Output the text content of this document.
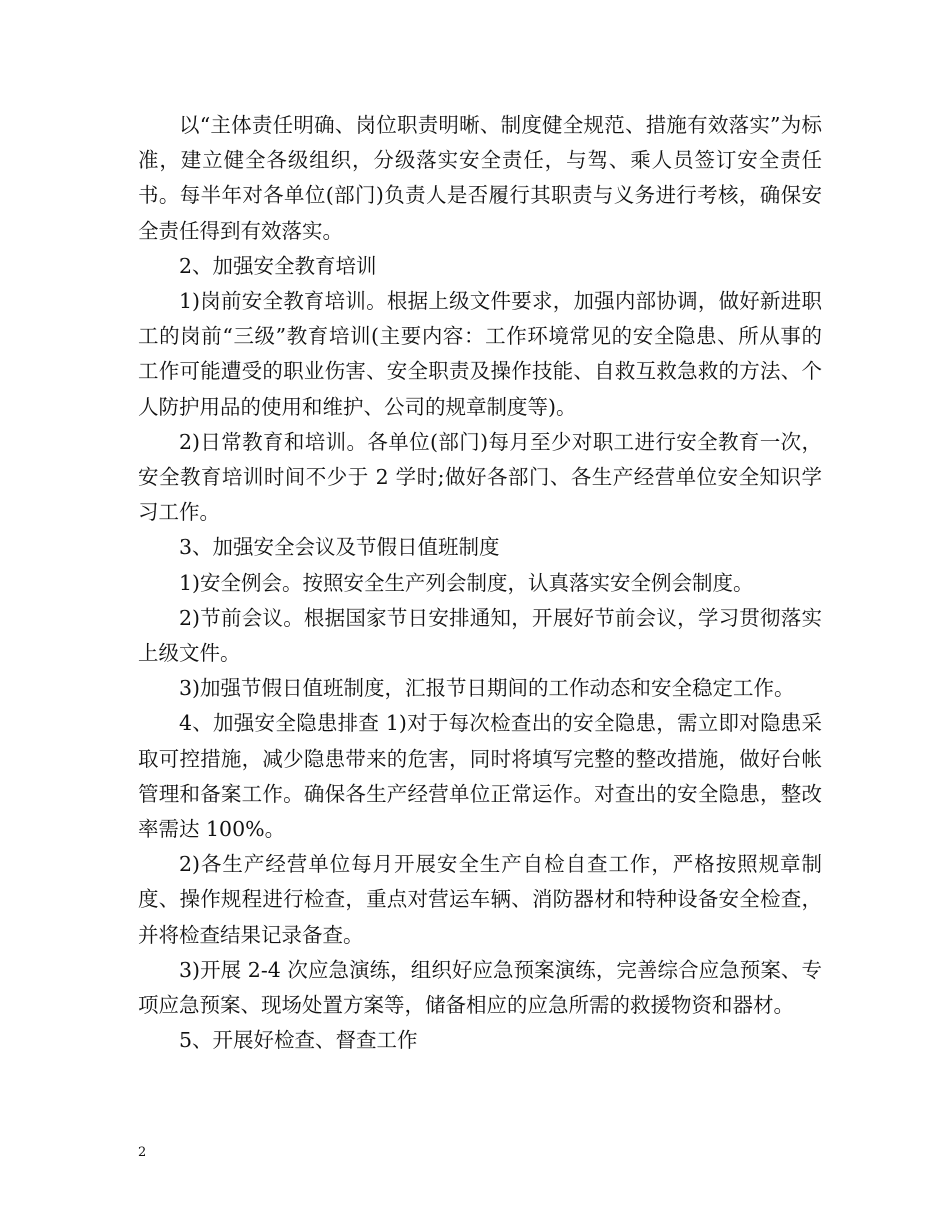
以“主体责任明确、岗位职责明晰、制度健全规范、措施有效落实”为标准，建立健全各级组织，分级落实安全责任，与驾、乘人员签订安全责任书。每半年对各单位(部门)负责人是否履行其职责与义务进行考核，确保安全责任得到有效落实。

2、加强安全教育培训

1)岗前安全教育培训。根据上级文件要求，加强内部协调，做好新进职工的岗前“三级”教育培训(主要内容：工作环境常见的安全隐患、所从事的工作可能遭受的职业伤害、安全职责及操作技能、自救互救急救的方法、个人防护用品的使用和维护、公司的规章制度等)。

2)日常教育和培训。各单位(部门)每月至少对职工进行安全教育一次，安全教育培训时间不少于 2 学时;做好各部门、各生产经营单位安全知识学习工作。

3、加强安全会议及节假日值班制度

1)安全例会。按照安全生产列会制度，认真落实安全例会制度。

2)节前会议。根据国家节日安排通知，开展好节前会议，学习贯彻落实上级文件。

3)加强节假日值班制度，汇报节日期间的工作动态和安全稳定工作。

4、加强安全隐患排查 1)对于每次检查出的安全隐患，需立即对隐患采取可控措施，减少隐患带来的危害，同时将填写完整的整改措施，做好台帐管理和备案工作。确保各生产经营单位正常运作。对查出的安全隐患，整改率需达 100%。

2)各生产经营单位每月开展安全生产自检自查工作，严格按照规章制度、操作规程进行检查，重点对营运车辆、消防器材和特种设备安全检查，并将检查结果记录备查。

3)开展 2-4 次应急演练，组织好应急预案演练，完善综合应急预案、专项应急预案、现场处置方案等，储备相应的应急所需的救援物资和器材。

5、开展好检查、督查工作

2
